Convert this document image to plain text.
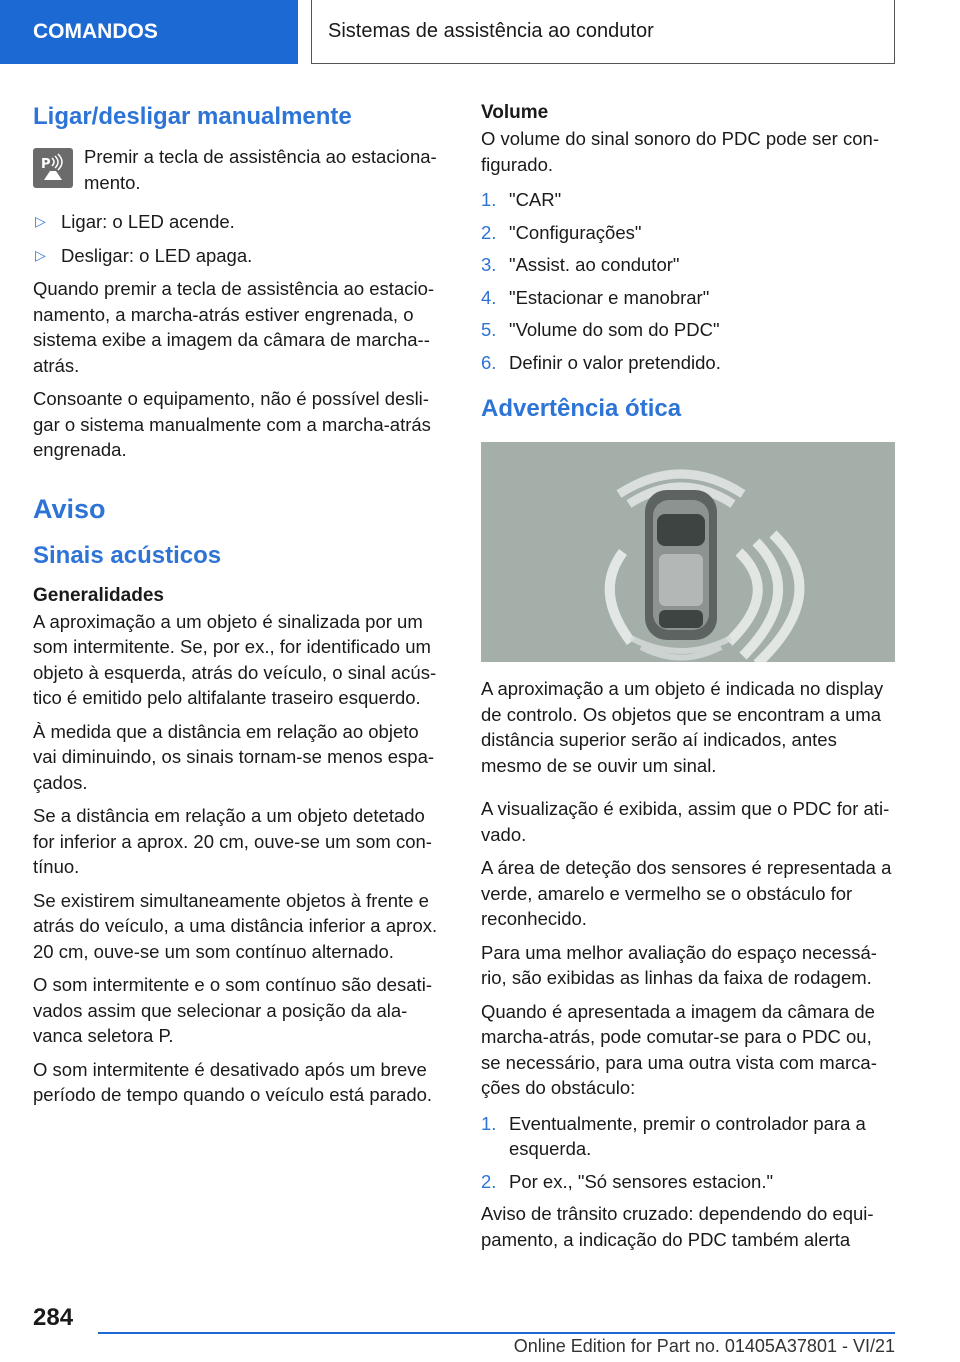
COMANDOS	Sistemas de assistência ao condutor
Ligar/desligar manualmente
P Premir a tecla de assistência ao estacionamento.
▷ Ligar: o LED acende.
▷ Desligar: o LED apaga.

Quando premir a tecla de assistência ao estacionamento, a marcha-atrás estiver engrenada, o sistema exibe a imagem da câmara de marcha--atrás.

Consoante o equipamento, não é possível desligar o sistema manualmente com a marcha-atrás engrenada.

Aviso
Sinais acústicos
Generalidades

A aproximação a um objeto é sinalizada por um som intermitente. Se, por ex., for identificado um objeto à esquerda, atrás do veículo, o sinal acústico é emitido pelo altifalante traseiro esquerdo.

À medida que a distância em relação ao objeto vai diminuindo, os sinais tornam-se menos espaçados.

Se a distância em relação a um objeto detetado for inferior a aprox. 20 cm, ouve-se um som contínuo.

Se existirem simultaneamente objetos à frente e atrás do veículo, a uma distância inferior a aprox. 20 cm, ouve-se um som contínuo alternado.

O som intermitente e o som contínuo são desativados assim que selecionar a posição da alavanca seletora P.

O som intermitente é desativado após um breve período de tempo quando o veículo está parado.

Volume

O volume do sinal sonoro do PDC pode ser configurado.

1. "CAR"
2. "Configurações"
3. "Assist. ao condutor"
4. "Estacionar e manobrar"
5. "Volume do som do PDC"
6. Definir o valor pretendido.
Advertência ótica

A aproximação a um objeto é indicada no display de controlo. Os objetos que se encontram a uma distância superior serão aí indicados, antes mesmo de se ouvir um sinal.

A visualização é exibida, assim que o PDC for ativado.

A área de deteção dos sensores é representada a verde, amarelo e vermelho se o obstáculo for reconhecido.

Para uma melhor avaliação do espaço necessário, são exibidas as linhas da faixa de rodagem.

Quando é apresentada a imagem da câmara de marcha-atrás, pode comutar-se para o PDC ou, se necessário, para uma outra vista com marcações do obstáculo:

1. Eventualmente, premir o controlador para a esquerda.
2. Por ex., "Só sensores estacion."

Aviso de trânsito cruzado: dependendo do equipamento, a indicação do PDC também alerta

284
Online Edition for Part no. 01405A37801 - VI/21
